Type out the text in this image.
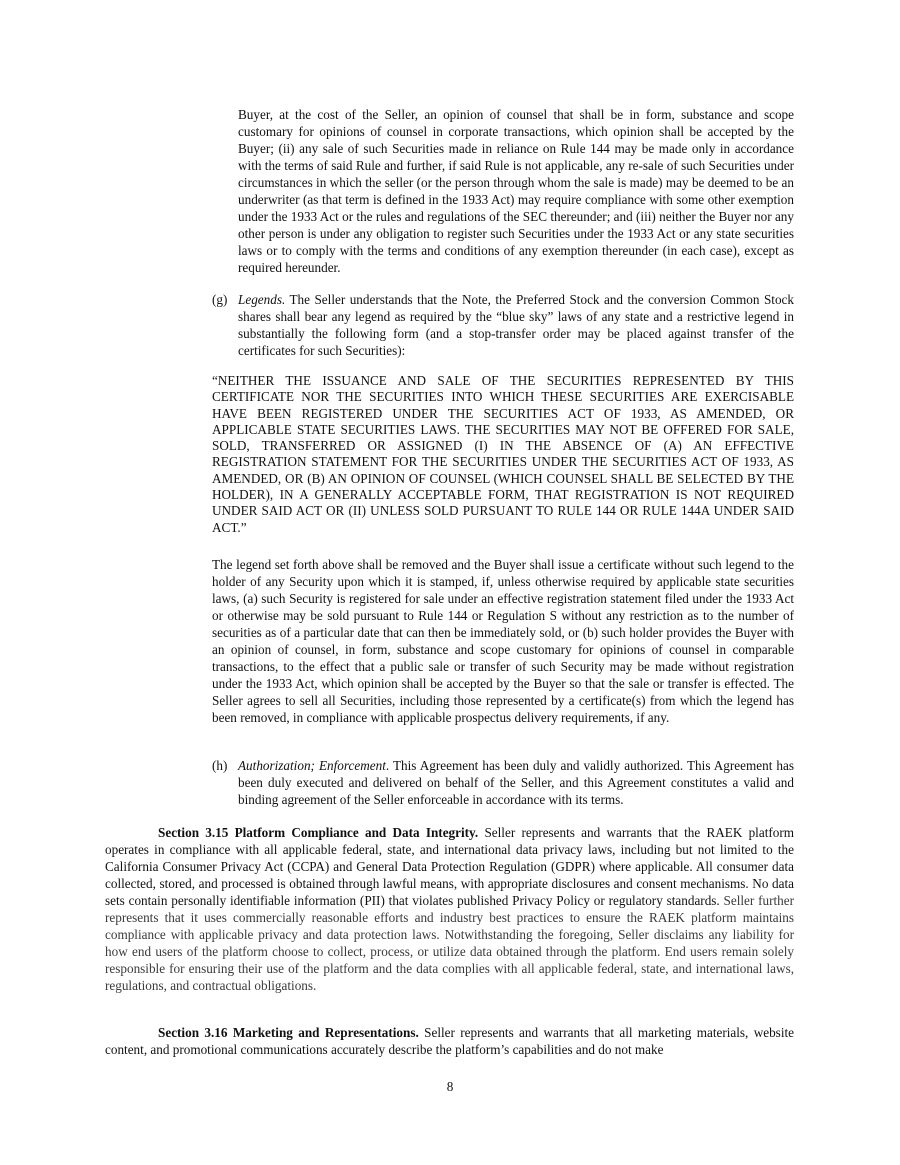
Buyer, at the cost of the Seller, an opinion of counsel that shall be in form, substance and scope customary for opinions of counsel in corporate transactions, which opinion shall be accepted by the Buyer; (ii) any sale of such Securities made in reliance on Rule 144 may be made only in accordance with the terms of said Rule and further, if said Rule is not applicable, any re-sale of such Securities under circumstances in which the seller (or the person through whom the sale is made) may be deemed to be an underwriter (as that term is defined in the 1933 Act) may require compliance with some other exemption under the 1933 Act or the rules and regulations of the SEC thereunder; and (iii) neither the Buyer nor any other person is under any obligation to register such Securities under the 1933 Act or any state securities laws or to comply with the terms and conditions of any exemption thereunder (in each case), except as required hereunder.

(g) Legends. The Seller understands that the Note, the Preferred Stock and the conversion Common Stock shares shall bear any legend as required by the “blue sky” laws of any state and a restrictive legend in substantially the following form (and a stop-transfer order may be placed against transfer of the certificates for such Securities):

“NEITHER THE ISSUANCE AND SALE OF THE SECURITIES REPRESENTED BY THIS CERTIFICATE NOR THE SECURITIES INTO WHICH THESE SECURITIES ARE EXERCISABLE HAVE BEEN REGISTERED UNDER THE SECURITIES ACT OF 1933, AS AMENDED, OR APPLICABLE STATE SECURITIES LAWS. THE SECURITIES MAY NOT BE OFFERED FOR SALE, SOLD, TRANSFERRED OR ASSIGNED (I) IN THE ABSENCE OF (A) AN EFFECTIVE REGISTRATION STATEMENT FOR THE SECURITIES UNDER THE SECURITIES ACT OF 1933, AS AMENDED, OR (B) AN OPINION OF COUNSEL (WHICH COUNSEL SHALL BE SELECTED BY THE HOLDER), IN A GENERALLY ACCEPTABLE FORM, THAT REGISTRATION IS NOT REQUIRED UNDER SAID ACT OR (II) UNLESS SOLD PURSUANT TO RULE 144 OR RULE 144A UNDER SAID ACT.”

The legend set forth above shall be removed and the Buyer shall issue a certificate without such legend to the holder of any Security upon which it is stamped, if, unless otherwise required by applicable state securities laws, (a) such Security is registered for sale under an effective registration statement filed under the 1933 Act or otherwise may be sold pursuant to Rule 144 or Regulation S without any restriction as to the number of securities as of a particular date that can then be immediately sold, or (b) such holder provides the Buyer with an opinion of counsel, in form, substance and scope customary for opinions of counsel in comparable transactions, to the effect that a public sale or transfer of such Security may be made without registration under the 1933 Act, which opinion shall be accepted by the Buyer so that the sale or transfer is effected. The Seller agrees to sell all Securities, including those represented by a certificate(s) from which the legend has been removed, in compliance with applicable prospectus delivery requirements, if any.

(h) Authorization; Enforcement. This Agreement has been duly and validly authorized. This Agreement has been duly executed and delivered on behalf of the Seller, and this Agreement constitutes a valid and binding agreement of the Seller enforceable in accordance with its terms.

Section 3.15 Platform Compliance and Data Integrity. Seller represents and warrants that the RAEK platform operates in compliance with all applicable federal, state, and international data privacy laws, including but not limited to the California Consumer Privacy Act (CCPA) and General Data Protection Regulation (GDPR) where applicable. All consumer data collected, stored, and processed is obtained through lawful means, with appropriate disclosures and consent mechanisms. No data sets contain personally identifiable information (PII) that violates published Privacy Policy or regulatory standards. Seller further represents that it uses commercially reasonable efforts and industry best practices to ensure the RAEK platform maintains compliance with applicable privacy and data protection laws. Notwithstanding the foregoing, Seller disclaims any liability for how end users of the platform choose to collect, process, or utilize data obtained through the platform. End users remain solely responsible for ensuring their use of the platform and the data complies with all applicable federal, state, and international laws, regulations, and contractual obligations.

Section 3.16 Marketing and Representations. Seller represents and warrants that all marketing materials, website content, and promotional communications accurately describe the platform’s capabilities and do not make

8
